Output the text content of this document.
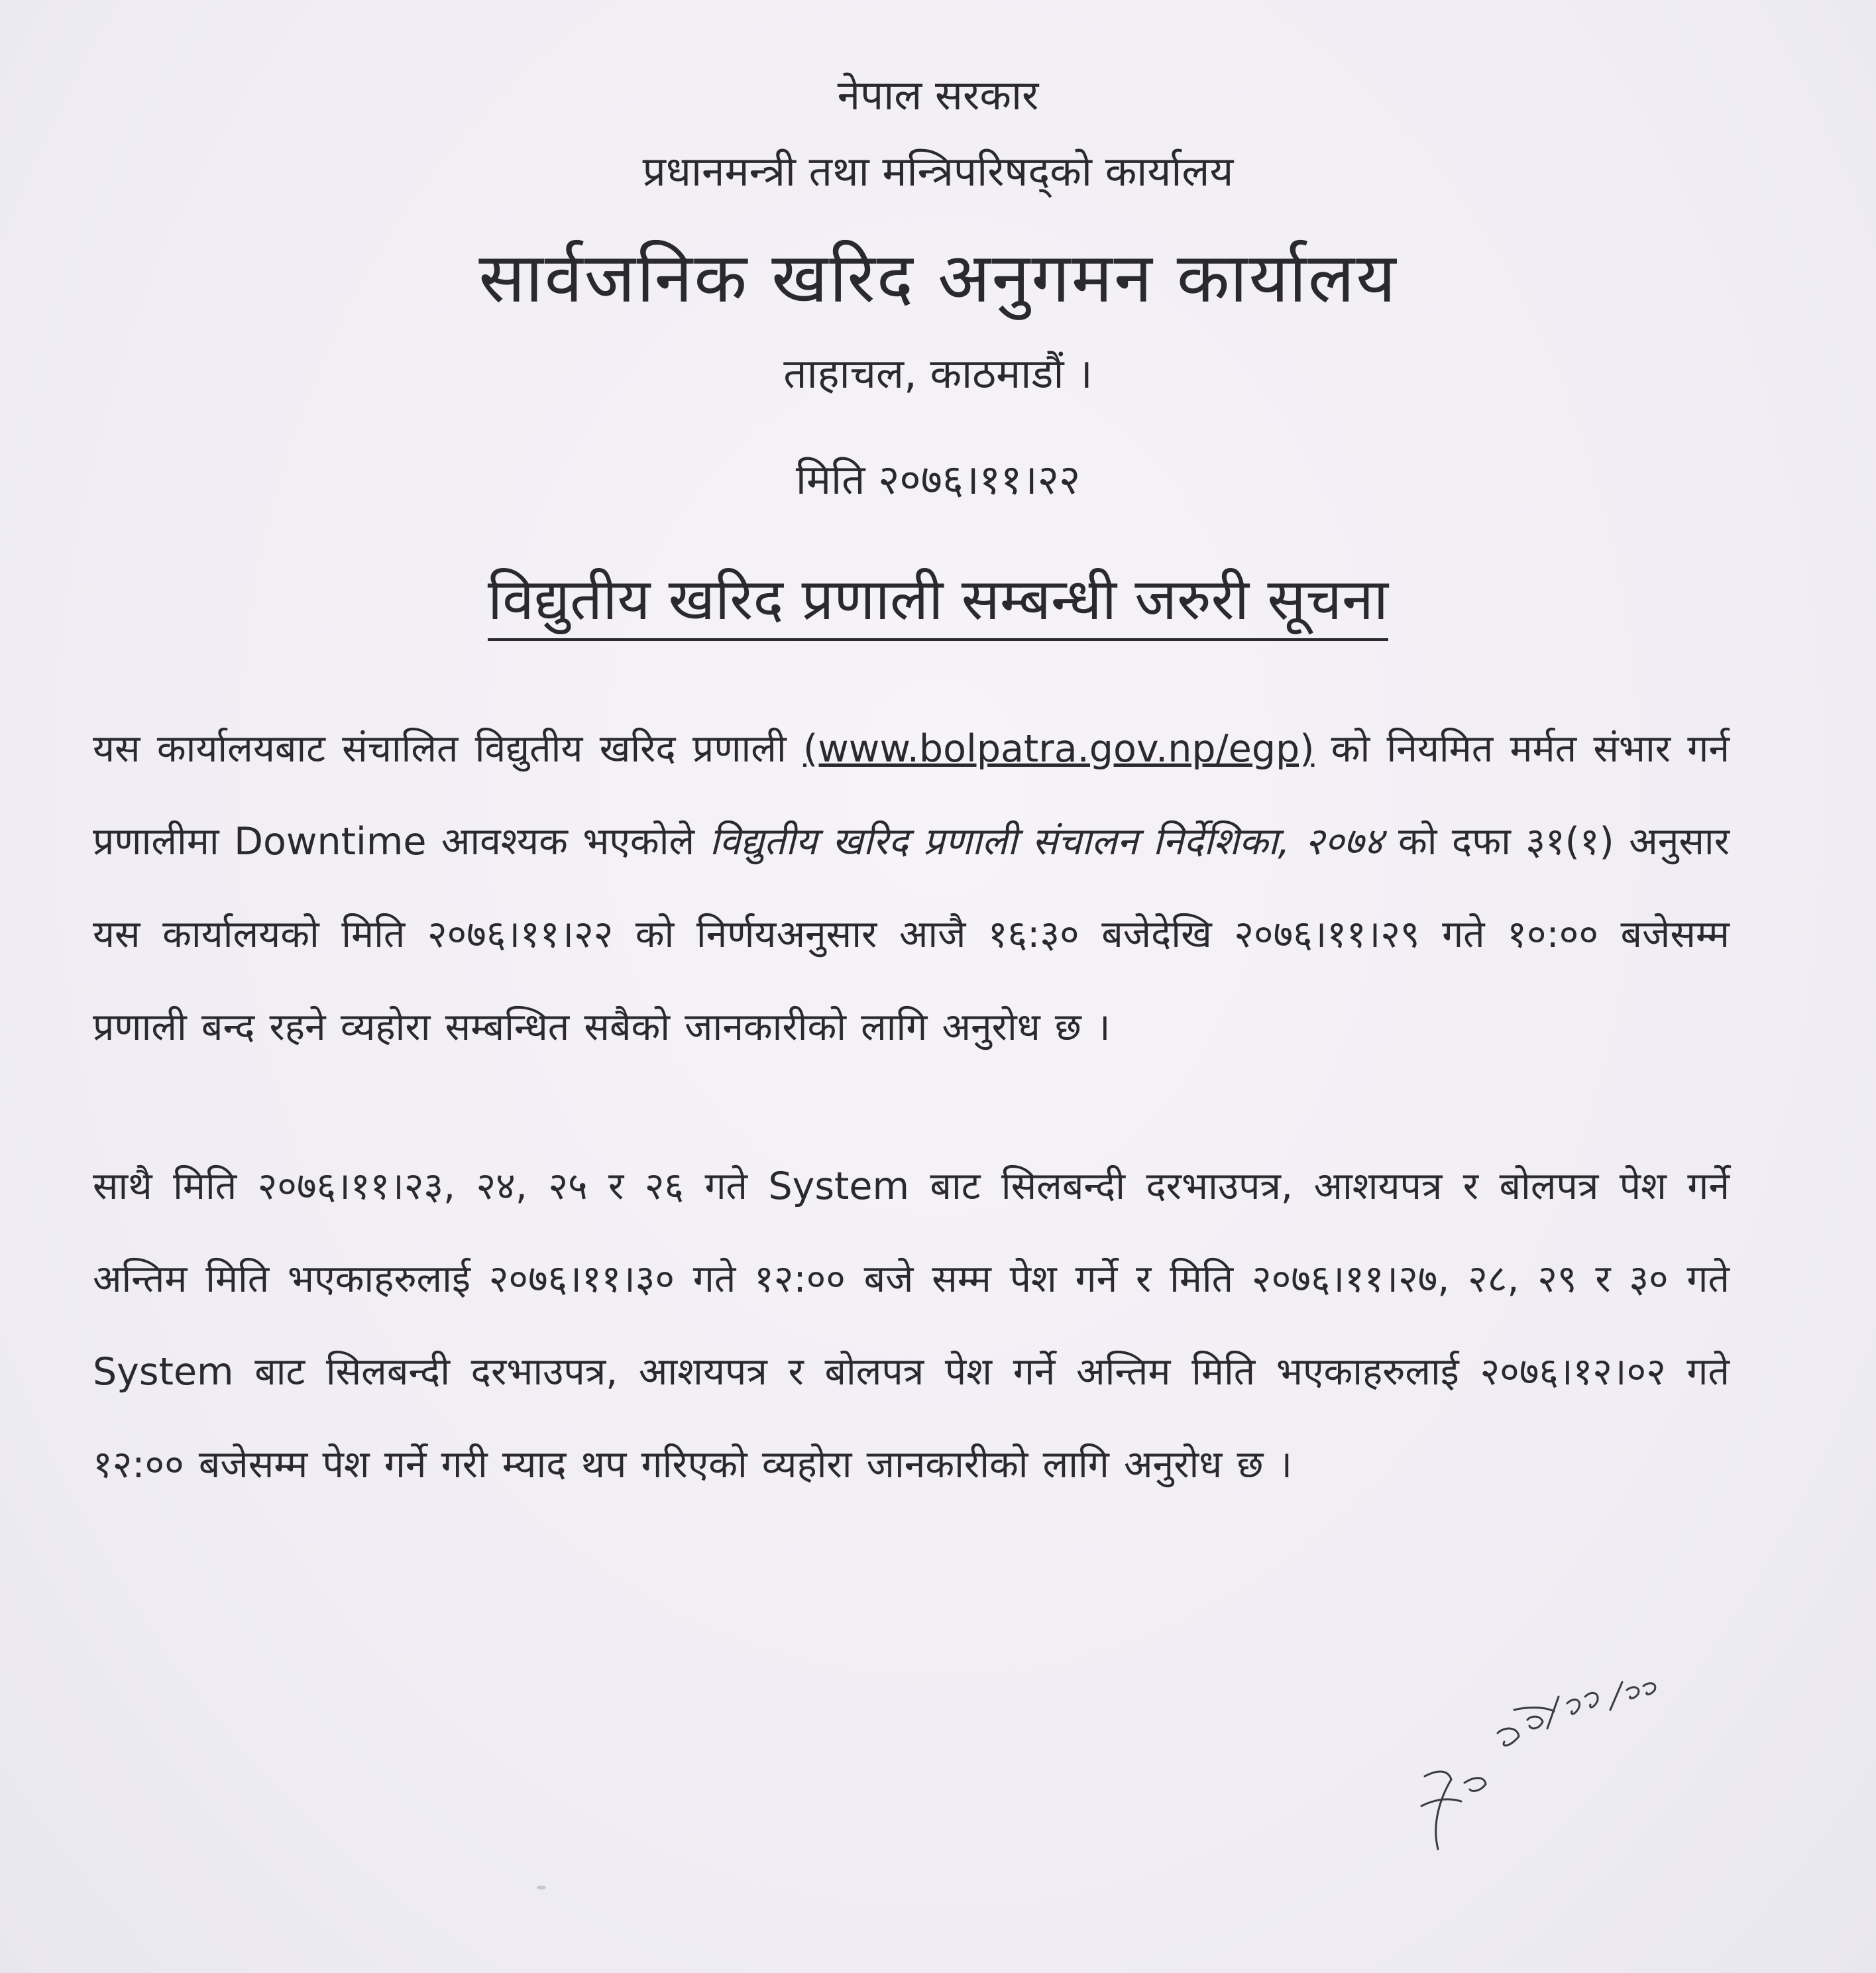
नेपाल सरकार
प्रधानमन्त्री तथा मन्त्रिपरिषद्को कार्यालय
सार्वजनिक खरिद अनुगमन कार्यालय
ताहाचल, काठमाडौं ।
मिति २०७६।११।२२
विद्युतीय खरिद प्रणाली सम्बन्धी जरुरी सूचना
यस कार्यालयबाट संचालित विद्युतीय खरिद प्रणाली (www.bolpatra.gov.np/egp) को नियमित मर्मत संभार गर्न प्रणालीमा Downtime आवश्यक भएकोले विद्युतीय खरिद प्रणाली संचालन निर्देशिका, २०७४ को दफा ३१(१) अनुसार यस कार्यालयको मिति २०७६।११।२२ को निर्णयअनुसार आजै १६:३० बजेदेखि २०७६।११।२९ गते १०:०० बजेसम्म प्रणाली बन्द रहने व्यहोरा सम्बन्धित सबैको जानकारीको लागि अनुरोध छ ।
साथै मिति २०७६।११।२३, २४, २५ र २६ गते System बाट सिलबन्दी दरभाउपत्र, आशयपत्र र बोलपत्र पेश गर्ने अन्तिम मिति भएकाहरुलाई २०७६।११।३० गते १२:०० बजे सम्म पेश गर्ने र मिति २०७६।११।२७, २८, २९ र ३० गते System बाट सिलबन्दी दरभाउपत्र, आशयपत्र र बोलपत्र पेश गर्ने अन्तिम मिति भएकाहरुलाई २०७६।१२।०२ गते १२:०० बजेसम्म पेश गर्ने गरी म्याद थप गरिएको व्यहोरा जानकारीको लागि अनुरोध छ ।
